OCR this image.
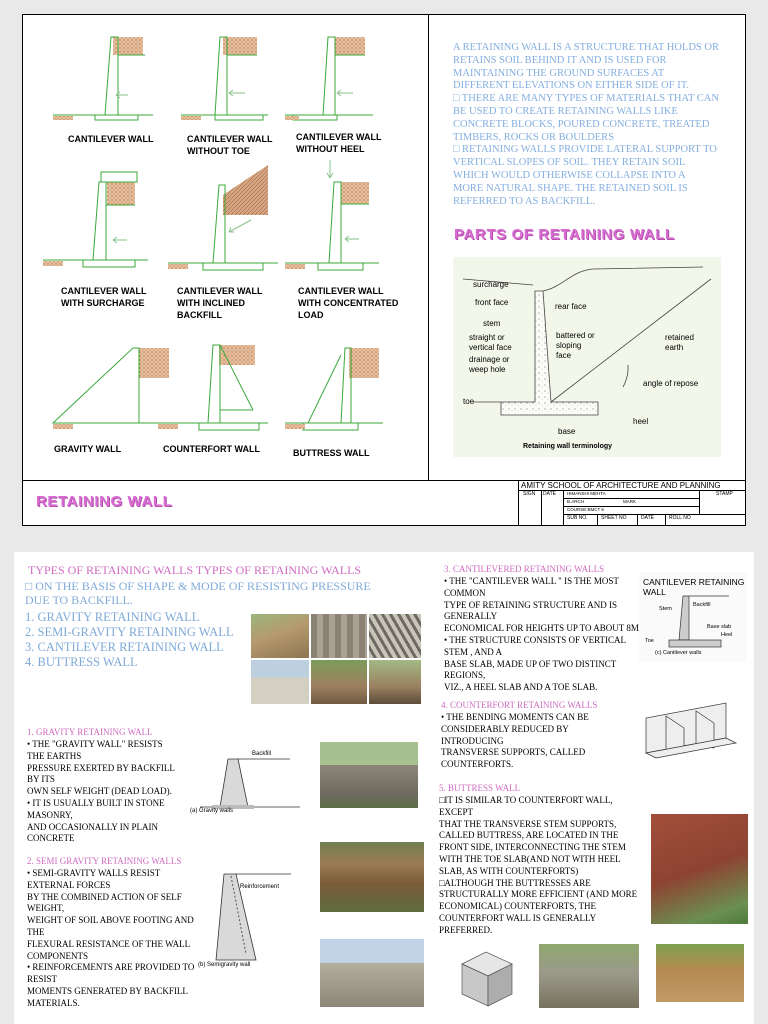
CANTILEVER WALL	CANTILEVER WALL
WITHOUT TOE
CANTILEVER WALL
WITHOUT HEEL
CANTILEVER WALL
WITH SURCHARGE
CANTILEVER WALL
WITH INCLINED
BACKFILL
CANTILEVER WALL
WITH CONCENTRATED
LOAD
GRAVITY WALL	COUNTERFORT WALL	BUTTRESS WALL
A RETAINING WALL IS A STRUCTURE THAT HOLDS OR
RETAINS SOIL BEHIND IT AND IS USED FOR
MAINTAINING THE GROUND SURFACES AT
DIFFERENT ELEVATIONS ON EITHER SIDE OF IT.
□ THERE ARE MANY TYPES OF MATERIALS THAT CAN
BE USED TO CREATE RETAINING WALLS LIKE
CONCRETE BLOCKS, POURED CONCRETE, TREATED
TIMBERS, ROCKS OR BOULDERS
□ RETAINING WALLS PROVIDE LATERAL SUPPORT TO
VERTICAL SLOPES OF SOIL. THEY RETAIN SOIL
WHICH WOULD OTHERWISE COLLAPSE INTO A
MORE NATURAL SHAPE. THE RETAINED SOIL IS
REFERRED TO AS BACKFILL.
PARTS OF RETAINING WALL
surcharge
front face	rear face
stem
straight or
vertical face
battered or
sloping
face
retained
earth
drainage or
weep hole
angle of repose
toe
heel
base
Retaining wall terminology
RETAINING WALL
AMITY SCHOOL OF ARCHITECTURE AND PLANNING
SIGN DATE HIMANSHI MEHTA	STAMP
B.ARCH	MARK
COURSE:BMCT 6
SUB NO.	SHEET NO	DATE	ROLL NO
TYPES OF RETAINING WALLS TYPES OF RETAINING WALLS
□ ON THE BASIS OF SHAPE & MODE OF RESISTING PRESSURE
DUE TO BACKFILL.
1. GRAVITY RETAINING WALL
2. SEMI-GRAVITY RETAINING WALL
3. CANTILEVER RETAINING WALL
4. BUTTRESS WALL
1. GRAVITY RETAINING WALL
• THE "GRAVITY WALL" RESISTS
THE EARTHS
PRESSURE EXERTED BY BACKFILL
BY ITS
OWN SELF WEIGHT (DEAD LOAD).
• IT IS USUALLY BUILT IN STONE
MASONRY,
AND OCCASIONALLY IN PLAIN
CONCRETE
Backfill
(a) Gravity walls
2. SEMI GRAVITY RETAINING WALLS
• SEMI-GRAVITY WALLS RESIST
EXTERNAL FORCES
BY THE COMBINED ACTION OF SELF
WEIGHT,
WEIGHT OF SOIL ABOVE FOOTING AND
THE
FLEXURAL RESISTANCE OF THE WALL
COMPONENTS
• REINFORCEMENTS ARE PROVIDED TO
RESIST
MOMENTS GENERATED BY BACKFILL
MATERIALS.
Reinforcement
(b) Semigravity wall
3. CANTILEVERED RETAINING WALLS
• THE "CANTILEVER WALL " IS THE MOST
COMMON
TYPE OF RETAINING STRUCTURE AND IS
GENERALLY
ECONOMICAL FOR HEIGHTS UP TO ABOUT 8M
• THE STRUCTURE CONSISTS OF VERTICAL
STEM , AND A
BASE SLAB, MADE UP OF TWO DISTINCT
REGIONS,
VIZ., A HEEL SLAB AND A TOE SLAB.
CANTILEVER RETAINING WALL
Stem
Backfill
Base slab
Heel
Toe
(c) Cantilever walls
4. COUNTERFORT RETAINING WALLS
• THE BENDING MOMENTS CAN BE
CONSIDERABLY REDUCED BY
INTRODUCING
TRANSVERSE SUPPORTS, CALLED
COUNTERFORTS.
5. BUTTRESS WALL
□IT IS SIMILAR TO COUNTERFORT WALL,
EXCEPT
THAT THE TRANSVERSE STEM SUPPORTS,
CALLED BUTTRESS, ARE LOCATED IN THE
FRONT SIDE, INTERCONNECTING THE STEM
WITH THE TOE SLAB(AND NOT WITH HEEL
SLAB, AS WITH COUNTERFORTS)
□ALTHOUGH THE BUTTRESSES ARE
STRUCTURALLY MORE EFFICIENT (AND MORE
ECONOMICAL) COUNTERFORTS, THE
COUNTERFORT WALL IS GENERALLY
PREFERRED.
